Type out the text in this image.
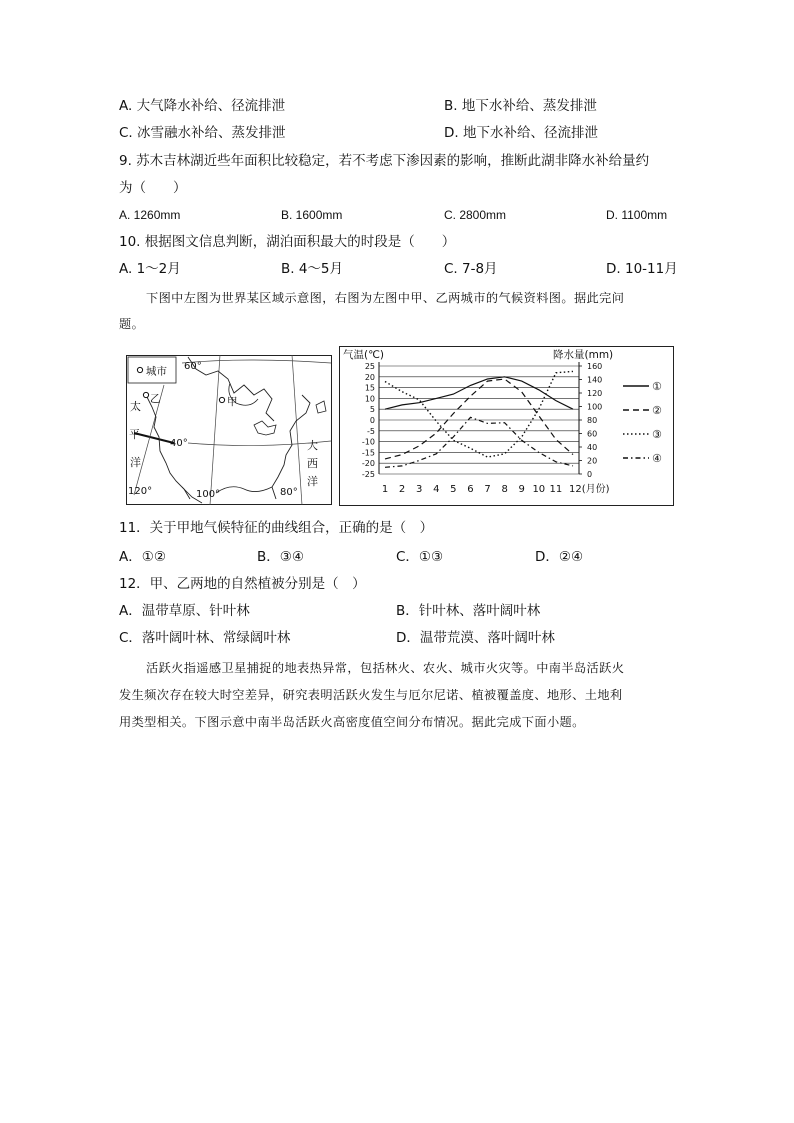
A. 大气降水补给、径流排泄	B. 地下水补给、蒸发排泄
C. 冰雪融水补给、蒸发排泄	D. 地下水补给、径流排泄
9. 苏木吉林湖近些年面积比较稳定，若不考虑下渗因素的影响，推断此湖非降水补给量约
为（　　）
A. 1260mm	B. 1600mm	C. 2800mm	D. 1100mm
10. 根据图文信息判断，湖泊面积最大的时段是（　　）
A. 1～2月	B. 4～5月	C. 7-8月	D. 10-11月
下图中左图为世界某区域示意图，右图为左图中甲、乙两城市的气候资料图。据此完问
题。
城市 60°
40°
120°	100°	80°
乙	甲
太
平
洋
大
西
洋
气温(℃)	降水量(mm)
25
20
15
10
5
0
-5
-10
-15
-20
-25
160
140
120
100
80
60
40
20
0
1 2 3 4 5 6 7 8 9 10 11 12(月份)
①
②
③
④
11．关于甲地气候特征的曲线组合，正确的是（　）
A．①②	B．③④	C．①③	D．②④
12．甲、乙两地的自然植被分别是（　）
A．温带草原、针叶林	B．针叶林、落叶阔叶林
C．落叶阔叶林、常绿阔叶林	D．温带荒漠、落叶阔叶林
活跃火指遥感卫星捕捉的地表热异常，包括林火、农火、城市火灾等。中南半岛活跃火
发生频次存在较大时空差异，研究表明活跃火发生与厄尔尼诺、植被覆盖度、地形、土地利
用类型相关。下图示意中南半岛活跃火高密度值空间分布情况。据此完成下面小题。
